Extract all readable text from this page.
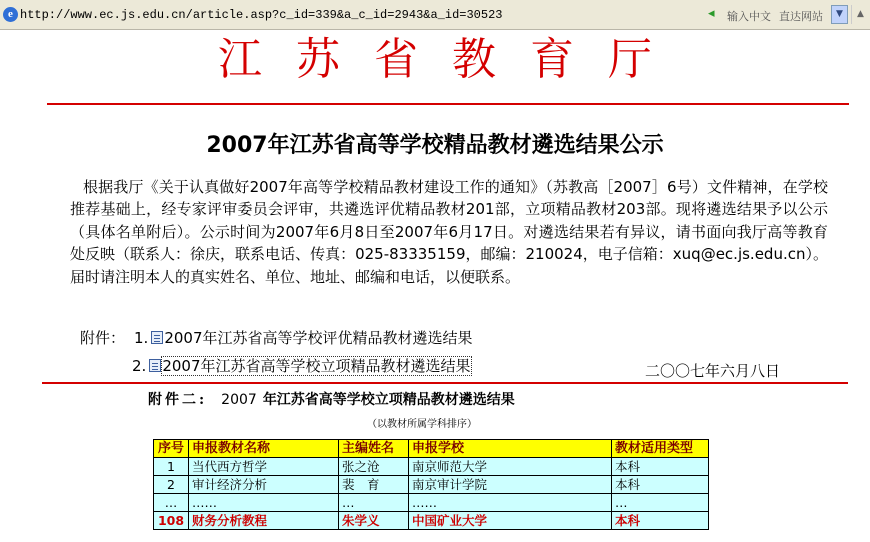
e http://www.ec.js.edu.cn/article.asp?c_id=339&a_c_id=2943&a_id=30523	◂	输入中文 直达网站	▼	▲
江苏省教育厅
2007年江苏省高等学校精品教材遴选结果公示
根据我厅《关于认真做好2007年高等学校精品教材建设工作的通知》（苏教高［2007］6号）文件精神，在学校推荐基础上，经专家评审委员会评审，共遴选评优精品教材201部，立项精品教材203部。现将遴选结果予以公示（具体名单附后）。公示时间为2007年6月8日至2007年6月17日。对遴选结果若有异议，请书面向我厅高等教育处反映（联系人：徐庆，联系电话、传真：025-83335159，邮编：210024，电子信箱：xuq@ec.js.edu.cn）。届时请注明本人的真实姓名、单位、地址、邮编和电话，以便联系。
附件： 1. 2007年江苏省高等学校评优精品教材遴选结果
2. 2007年江苏省高等学校立项精品教材遴选结果	二〇〇七年六月八日
附件二: 2007 年江苏省高等学校立项精品教材遴选结果
（以教材所属学科排序）
序号	申报教材名称	主编姓名	申报学校	教材适用类型
1	当代西方哲学	张之沧	南京师范大学	本科
2	审计经济分析	裴　育	南京审计学院	本科
…	……	…	……	…
108	财务分析教程	朱学义	中国矿业大学	本科
